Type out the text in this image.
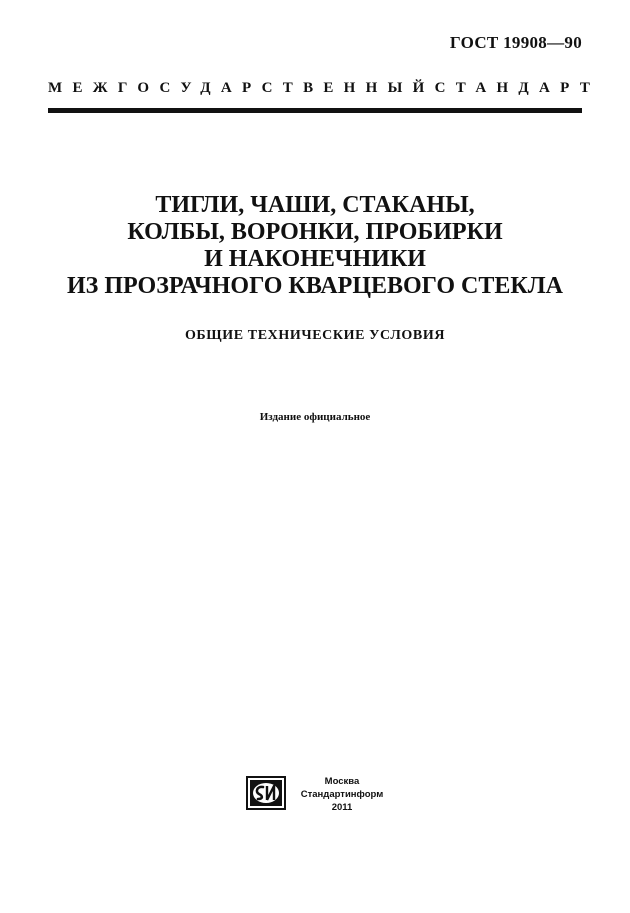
ГОСТ 19908—90
МЕЖГОСУДАРСТВЕННЫЙ СТАНДАРТ
ТИГЛИ, ЧАШИ, СТАКАНЫ,
КОЛБЫ, ВОРОНКИ, ПРОБИРКИ
И НАКОНЕЧНИКИ
ИЗ ПРОЗРАЧНОГО КВАРЦЕВОГО СТЕКЛА
ОБЩИЕ ТЕХНИЧЕСКИЕ УСЛОВИЯ
Издание официальное
Москва
Стандартинформ
2011
